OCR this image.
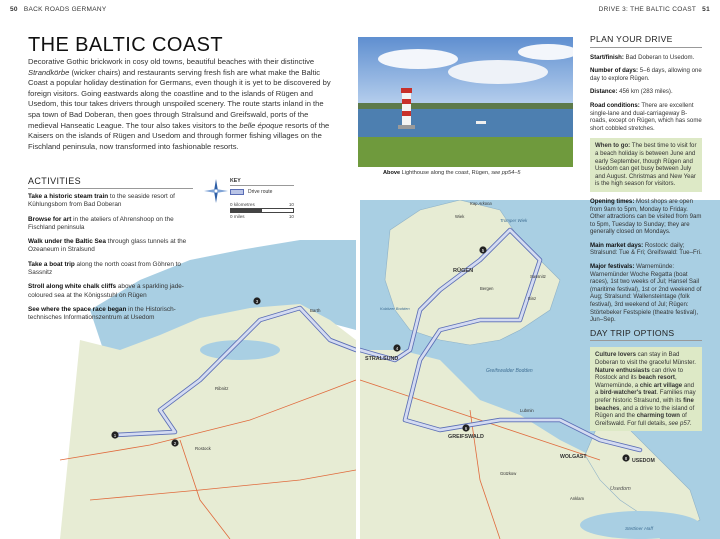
50 BACK ROADS GERMANY	DRIVE 3: THE BALTIC COAST 51
1
2
3
4
5
6
8
Kap Arkona
Wiek
Tromper Wiek
RÜGEN
Bergen
Sassnitz
Binz
Kubitzer Bodden
STRALSUND
Greifswalder Bodden
GREIFSWALD
Lubmin
WOLGAST
USEDOM
Usedom
Anklam
Gützkow
Stettiner Haff
Rostock
Ribnitz
Barth
THE BALTIC COAST
Decorative Gothic brickwork in cosy old towns, beautiful beaches with their distinctive Strandkörbe (wicker chairs) and restaurants serving fresh fish are what make the Baltic Coast a popular holiday destination for Germans, even though it is yet to be discovered by foreign visitors. Going eastwards along the coastline and to the islands of Rügen and Usedom, this tour takes drivers through unspoiled scenery. The route starts inland in the spa town of Bad Doberan, then goes through Stralsund and Greifswald, ports of the medieval Hanseatic League. The tour also takes visitors to the belle époque resorts of the Kaisers on the islands of Rügen and Usedom and through former fishing villages on the Fischland peninsula, now transformed into fashionable resorts.
ACTIVITIES
Take a historic steam train to the seaside resort of Kühlungsborn from Bad Doberan
Browse for art in the ateliers of Ahrenshoop on the Fischland peninsula
Walk under the Baltic Sea through glass tunnels at the Ozeaneum in Stralsund
Take a boat trip along the north coast from Göhren to Sassnitz
Stroll along white chalk cliffs above a sparkling jade-coloured sea at the Königsstuhl on Rügen
See where the space race began in the Historisch-technisches Informationszentrum at Usedom
KEY
Drive route
0 kilometres	10
0 miles	10
Above Lighthouse along the coast, Rügen, see pp54–5
PLAN YOUR DRIVE
Start/finish: Bad Doberan to Usedom.
Number of days: 5–6 days, allowing one day to explore Rügen.
Distance: 456 km (283 miles).
Road conditions: There are excellent single-lane and dual-carriageway B-roads, except on Rügen, which has some short cobbled stretches.
When to go: The best time to visit for a beach holiday is between June and early September, though Rügen and Usedom can get busy between July and August. Christmas and New Year is the high season for visitors.
Opening times: Most shops are open from 9am to 5pm, Monday to Friday. Other attractions can be visited from 9am to 5pm, Tuesday to Sunday; they are generally closed on Mondays.
Main market days: Rostock: daily; Stralsund: Tue & Fri; Greifswald: Tue–Fri.
Major festivals: Warnemünde: Warnemünder Woche Regatta (boat races), 1st two weeks of Jul; Hansel Sail (maritime festival), 1st or 2nd weekend of Aug; Stralsund: Wallensteintage (folk festival), 3rd weekend of Jul; Rügen: Störtebeker Festspiele (theatre festival), Jun–Sep.
DAY TRIP OPTIONS
Culture lovers can stay in Bad Doberan to visit the graceful Münster. Nature enthusiasts can drive to Rostock and its beach resort, Warnemünde, a chic art village and a bird-watcher's treat. Families may prefer historic Stralsund, with its fine beaches, and a drive to the island of Rügen and the charming town of Greifswald. For full details, see p57.
